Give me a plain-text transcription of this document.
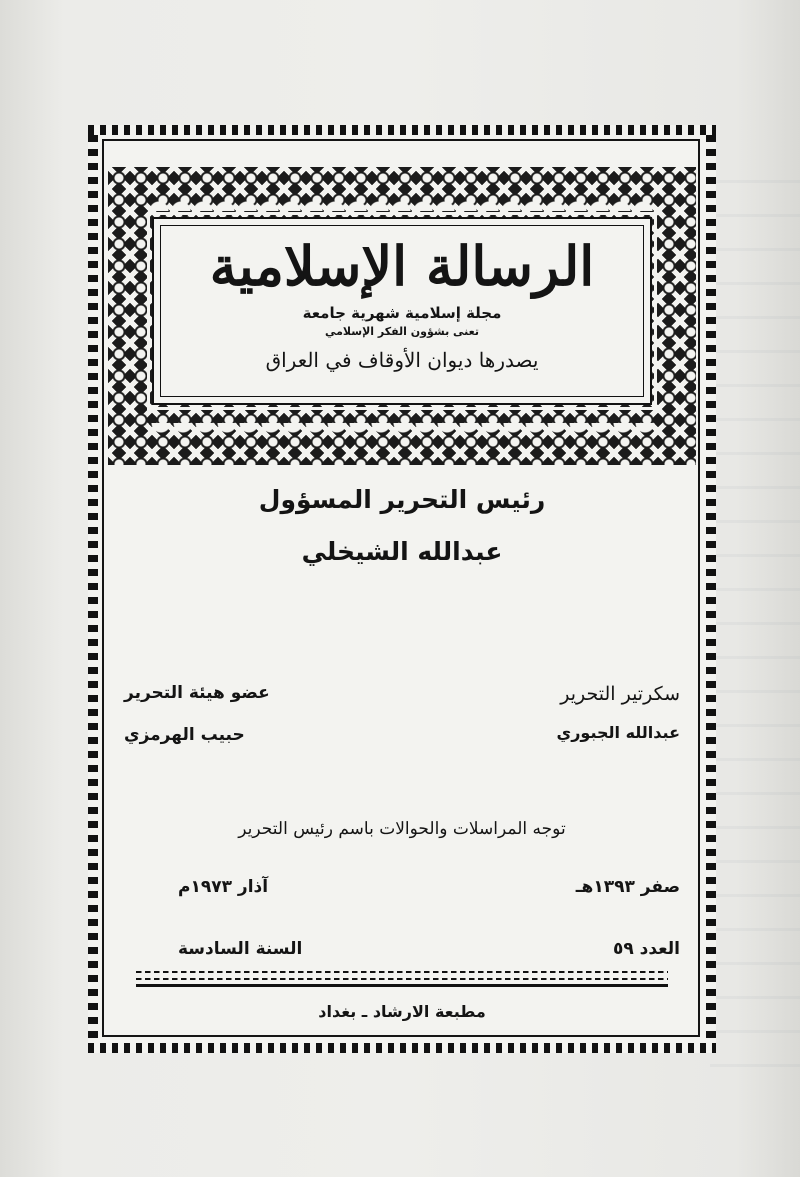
الرسالة الإسلامية
مجلة إسلامية شهرية جامعة
تعنى بشؤون الفكر الإسلامي
يصدرها ديوان الأوقاف في العراق
رئيس التحرير المسؤول
عبدالله الشيخلي
سكرتير التحرير
عبدالله الجبوري
عضو هيئة التحرير
حبيب الهرمزي
توجه المراسلات والحوالات باسم رئيس التحرير
صفر ١٣٩٣هـ
آذار ١٩٧٣م
العدد ٥٩
السنة السادسة
مطبعة الارشاد ـ بغداد
